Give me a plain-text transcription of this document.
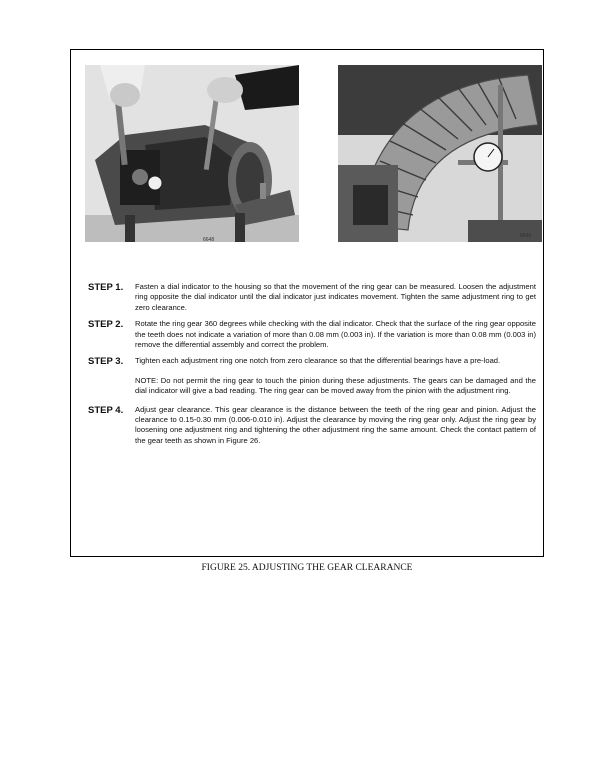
6648
6646
STEP 1.	Fasten a dial indicator to the housing so that the movement of the ring gear can be measured. Loosen the adjustment ring opposite the dial indicator until the dial indicator just indicates movement. Tighten the same adjustment ring to get zero clearance.

STEP 2.	Rotate the ring gear 360 degrees while checking with the dial indicator. Check that the surface of the ring gear opposite the teeth does not indicate a variation of more than 0.08 mm (0.003 in). If the variation is more than 0.08 mm (0.003 in) remove the differential assembly and correct the problem.

STEP 3.	Tighten each adjustment ring one notch from zero clearance so that the differential bearings have a pre-load.

NOTE: Do not permit the ring gear to touch the pinion during these adjustments. The gears can be damaged and the dial indicator will give a bad reading. The ring gear can be moved away from the pinion with the adjustment ring.

STEP 4.	Adjust gear clearance. This gear clearance is the distance between the teeth of the ring gear and pinion. Adjust the clearance to 0.15-0.30 mm (0.006-0.010 in). Adjust the clearance by moving the ring gear only. Adjust the ring gear by loosening one adjustment ring and tightening the other adjustment ring the same amount. Check the contact pattern of the gear teeth as shown in Figure 26.

FIGURE 25. ADJUSTING THE GEAR CLEARANCE
